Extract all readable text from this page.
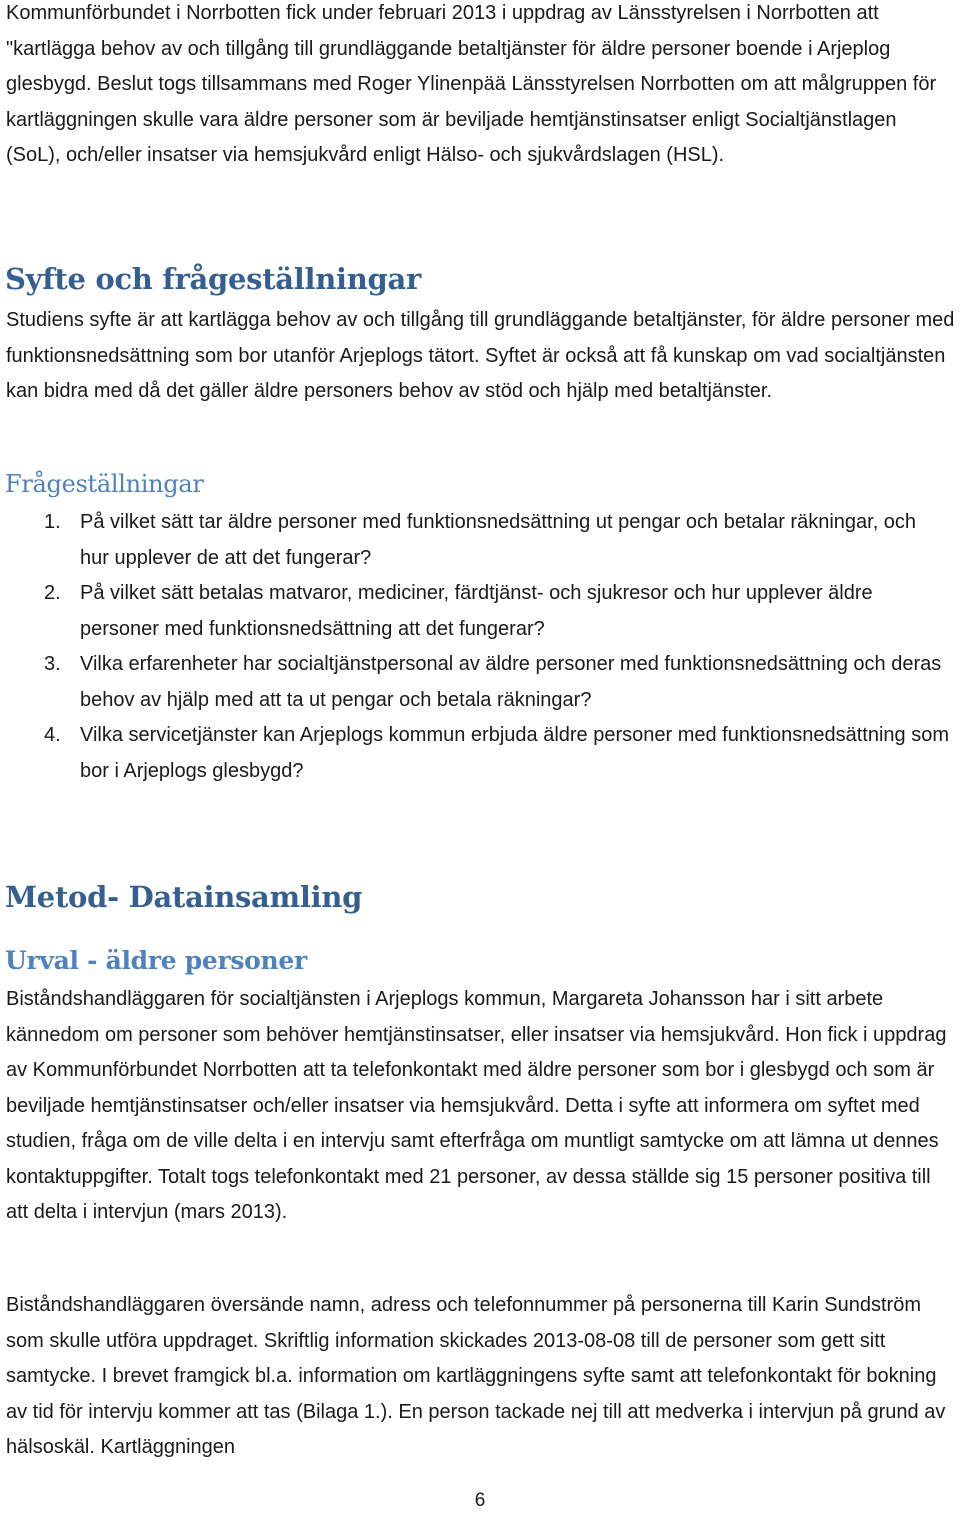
Kommunförbundet i Norrbotten fick under februari 2013 i uppdrag av Länsstyrelsen i Norrbotten att "kartlägga behov av och tillgång till grundläggande betaltjänster för äldre personer boende i Arjeplog glesbygd. Beslut togs tillsammans med Roger Ylinenpää Länsstyrelsen Norrbotten om att målgruppen för kartläggningen skulle vara äldre personer som är beviljade hemtjänstinsatser enligt Socialtjänstlagen (SoL), och/eller insatser via hemsjukvård enligt Hälso- och sjukvårdslagen (HSL).

Syfte och frågeställningar

Studiens syfte är att kartlägga behov av och tillgång till grundläggande betaltjänster, för äldre personer med funktionsnedsättning som bor utanför Arjeplogs tätort. Syftet är också att få kunskap om vad socialtjänsten kan bidra med då det gäller äldre personers behov av stöd och hjälp med betaltjänster.

Frågeställningar
1. På vilket sätt tar äldre personer med funktionsnedsättning ut pengar och betalar räkningar, och hur upplever de att det fungerar?
2. På vilket sätt betalas matvaror, mediciner, färdtjänst- och sjukresor och hur upplever äldre personer med funktionsnedsättning att det fungerar?
3. Vilka erfarenheter har socialtjänstpersonal av äldre personer med funktionsnedsättning och deras behov av hjälp med att ta ut pengar och betala räkningar?
4. Vilka servicetjänster kan Arjeplogs kommun erbjuda äldre personer med funktionsnedsättning som bor i Arjeplogs glesbygd?
Metod- Datainsamling
Urval - äldre personer

Biståndshandläggaren för socialtjänsten i Arjeplogs kommun, Margareta Johansson har i sitt arbete kännedom om personer som behöver hemtjänstinsatser, eller insatser via hemsjukvård. Hon fick i uppdrag av Kommunförbundet Norrbotten att ta telefonkontakt med äldre personer som bor i glesbygd och som är beviljade hemtjänstinsatser och/eller insatser via hemsjukvård. Detta i syfte att informera om syftet med studien, fråga om de ville delta i en intervju samt efterfråga om muntligt samtycke om att lämna ut dennes kontaktuppgifter. Totalt togs telefonkontakt med 21 personer, av dessa ställde sig 15 personer positiva till att delta i intervjun (mars 2013).

Biståndshandläggaren översände namn, adress och telefonnummer på personerna till Karin Sundström som skulle utföra uppdraget. Skriftlig information skickades 2013-08-08 till de personer som gett sitt samtycke. I brevet framgick bl.a. information om kartläggningens syfte samt att telefonkontakt för bokning av tid för intervju kommer att tas (Bilaga 1.). En person tackade nej till att medverka i intervjun på grund av hälsoskäl. Kartläggningen

6
